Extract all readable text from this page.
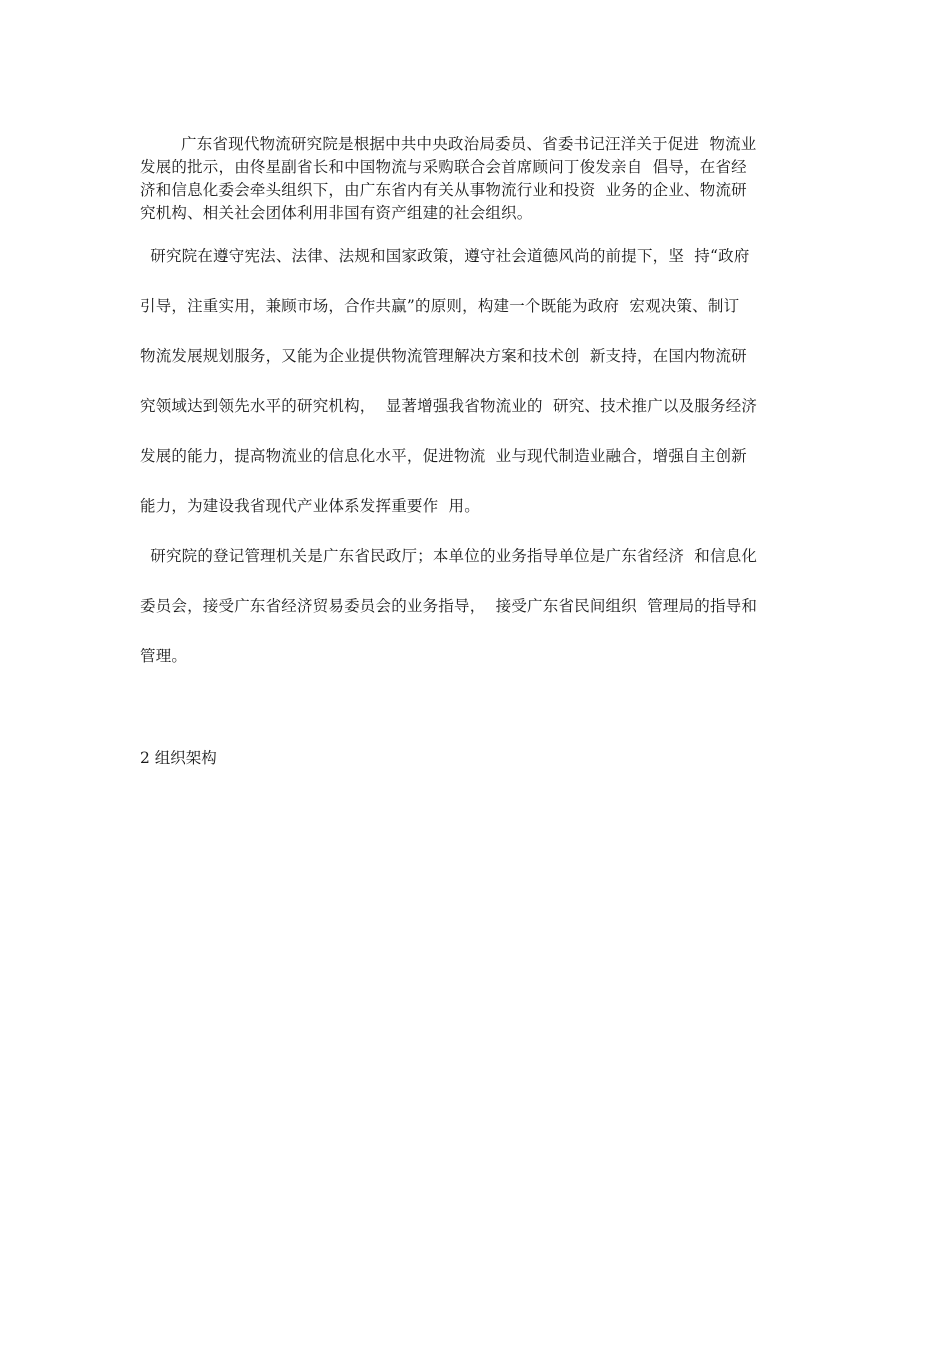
广东省现代物流研究院是根据中共中央政治局委员、省委书记汪洋关于促进  物流业
发展的批示，由佟星副省长和中国物流与采购联合会首席顾问丁俊发亲自  倡导，在省经
济和信息化委会牵头组织下，由广东省内有关从事物流行业和投资  业务的企业、物流研
究机构、相关社会团体利用非国有资产组建的社会组织。
研究院在遵守宪法、法律、法规和国家政策，遵守社会道德风尚的前提下，坚  持“政府
引导，注重实用，兼顾市场，合作共赢”的原则，构建一个既能为政府  宏观决策、制订
物流发展规划服务，又能为企业提供物流管理解决方案和技术创  新支持，在国内物流研
究领域达到领先水平的研究机构，  显著增强我省物流业的  研究、技术推广以及服务经济
发展的能力，提高物流业的信息化水平，促进物流  业与现代制造业融合，增强自主创新
能力，为建设我省现代产业体系发挥重要作  用。
研究院的登记管理机关是广东省民政厅；本单位的业务指导单位是广东省经济  和信息化
委员会，接受广东省经济贸易委员会的业务指导，  接受广东省民间组织  管理局的指导和
管理。
2 组织架构
